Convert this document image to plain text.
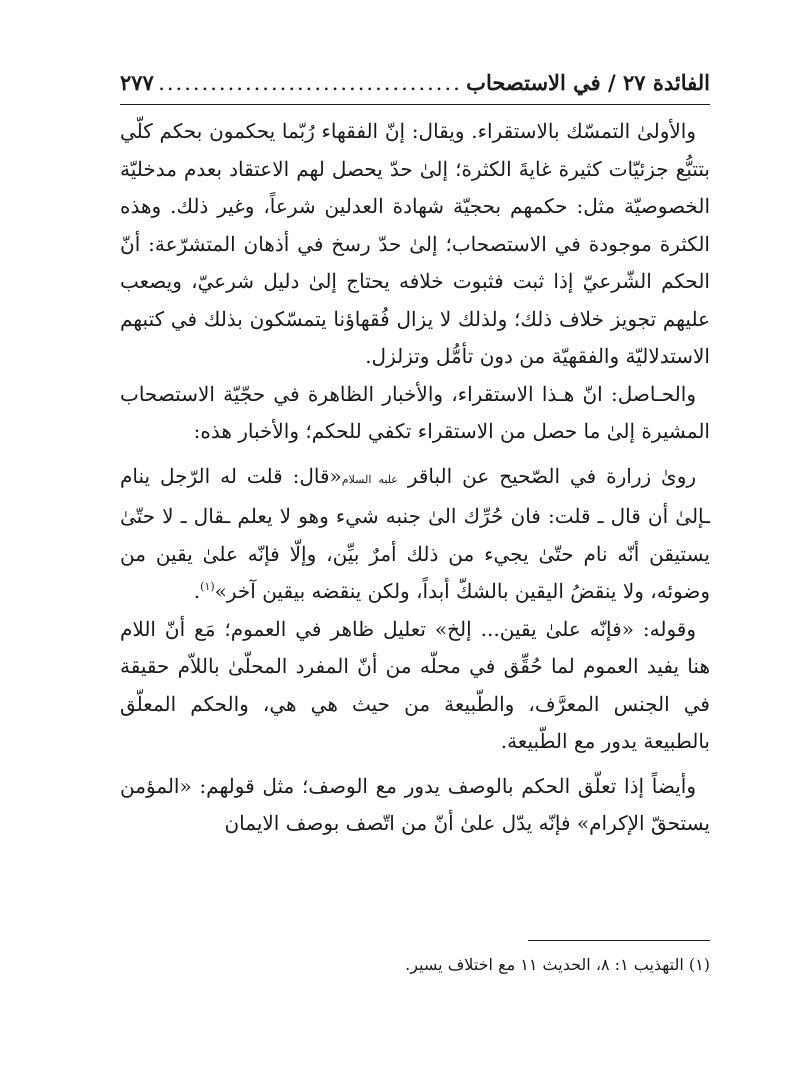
الفائدة ٢٧ / في الاستصحاب
...................................
٢٧٧

والأولىٰ التمسّك بالاستقراء. ويقال: إنّ الفقهاء رُبّما يحكمون بحكم كلّي بتتبُّع جزئيّات كثيرة غايةَ الكثرة؛ إلىٰ حدّ يحصل لهم الاعتقاد بعدم مدخليّة الخصوصيّة مثل: حكمهم بحجيّة شهادة العدلين شرعاً، وغير ذلك. وهذه الكثرة موجودة في الاستصحاب؛ إلىٰ حدّ رسخ في أذهان المتشرّعة: أنّ الحكم الشّرعيّ إذا ثبت فثبوت خلافه يحتاج إلىٰ دليل شرعيّ، ويصعب عليهم تجويز خلاف ذلك؛ ولذلك لا يزال فُقهاؤنا يتمسّكون بذلك في كتبهم الاستدلاليّة والفقهيّة من دون تأمُّل وتزلزل.

والحـاصل: انّ هـذا الاستقراء، والأخبار الظاهرة في حجّيّة الاستصحاب المشيرة إلىٰ ما حصل من الاستقراء تكفي للحكم؛ والأخبار هذه:

روىٰ زرارة في الصّحيح عن الباقر عليه السلام«قال: قلت له الرّجل ينام ـإلىٰ أن قال ـ قلت: فان حُرِّك الىٰ جنبه شيء وهو لا يعلم ـقال ـ لا حتّىٰ يستيقن أنّه نام حتّىٰ يجيء من ذلك أمرٌ بيِّن، وإلّا فإنّه علىٰ يقين من وضوئه، ولا ينقضُ اليقين بالشكّ أبداً، ولكن ينقضه بيقين آخر»$^{(١)}$.

وقوله: «فإنّه علىٰ يقين... إلخ» تعليل ظاهر في العموم؛ مَع أنّ اللام هنا يفيد العموم لما حُقِّق في محلّه من أنّ المفرد المحلّىٰ باللاّم حقيقة في الجنس المعرَّف، والطّبيعة من حيث هي هي، والحكم المعلّق بالطبيعة يدور مع الطّبيعة.

وأيضاً إذا تعلّق الحكم بالوصف يدور مع الوصف؛ مثل قولهم: «المؤمن يستحقّ الإكرام» فإنّه يدّل علىٰ أنّ من اتّصف بوصف الايمان

(١) التهذيب ١: ٨، الحديث ١١ مع اختلاف يسير.
